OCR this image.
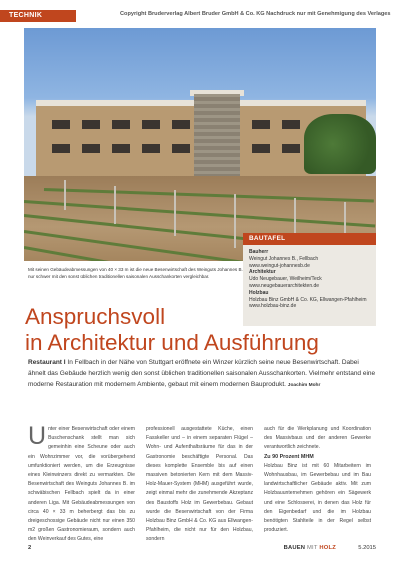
TECHNIK	Copyright Bruderverlag Albert Bruder GmbH & Co. KG Nachdruck nur mit Genehmigung des Verlages
Mit seinen Gebäudeabmessungen von 40 × 33 m ist die neue Besenwirtschaft des Weinguts Johannes B. nur schwer mit den sonst üblichen traditionellen saisonalen Ausschankorten vergleichbar.
BAUTAFEL
Bauherr
Weingut Johannes B., Fellbach
www.weingut-johannesb.de
Architektur
Udo Neugebauer, Weilheim/Teck
www.neugebauerarchitekten.de
Holzbau
Holzbau Binz GmbH & Co. KG, Ellwangen-Pfahlheim
www.holzbau-binz.de
Anspruchsvoll
in Architektur und Ausführung
Restaurant I In Fellbach in der Nähe von Stuttgart eröffnete ein Winzer kürzlich seine neue Besenwirtschaft. Dabei ähnelt das Gebäude herzlich wenig den sonst üblichen traditionellen saisonalen Ausschankorten. Vielmehr entstand eine moderne Restauration mit modernem Ambiente, gebaut mit einem modernen Bauprodukt. Joachim Mohr
Unter einer Besenwirtschaft oder einem Buschenschank stellt man sich gemeinhin eine Scheune oder auch ein Wohnzimmer vor, die vorübergehend umfunktioniert werden, um die Erzeugnisse eines Kleinwinzers direkt zu vermarkten. Die Besenwirtschaft des Weinguts Johannes B. im schwäbischen Fellbach spielt da in einer anderen Liga. Mit Gebäudeabmessungen von circa 40 × 33 m beherbergt das bis zu dreigeschossige Gebäude nicht nur einen 350 m2 großen Gastronomieraum, sondern auch den Weinverkauf des Gutes, eine
professionell ausgestattete Küche, einen Fasskeller und – in einem separaten Flügel – Wohn- und Aufenthaltsräume für das in der Gastronomie beschäftigte Personal. Das dieses komplette Ensemble bis auf einen massiven betonierten Kern mit dem Massiv-Holz-Mauer-System (MHM) ausgeführt wurde, zeigt einmal mehr die zunehmende Akzeptanz des Baustoffs Holz im Gewerbebau. Gebaut wurde die Besenwirtschaft von der Firma Holzbau Binz GmbH & Co. KG aus Ellwangen-Pfahlheim, die nicht nur für den Holzbau, sondern
auch für die Werkplanung und Koordination des Massivbaus und der anderen Gewerke verantwortlich zeichnete.
Zu 90 Prozent MHM
Holzbau Binz ist mit 60 Mitarbeitern im Wohnhausbau, im Gewerbebau und im Bau landwirtschaftlicher Gebäude aktiv. Mit zum Holzbauunternehmen gehören ein Sägewerk und eine Schlosserei, in denen das Holz für den Eigenbedarf und die im Holzbau benötigten Stahlteile in der Regel selbst produziert.
2	BAUEN MIT HOLZ	5.2015
